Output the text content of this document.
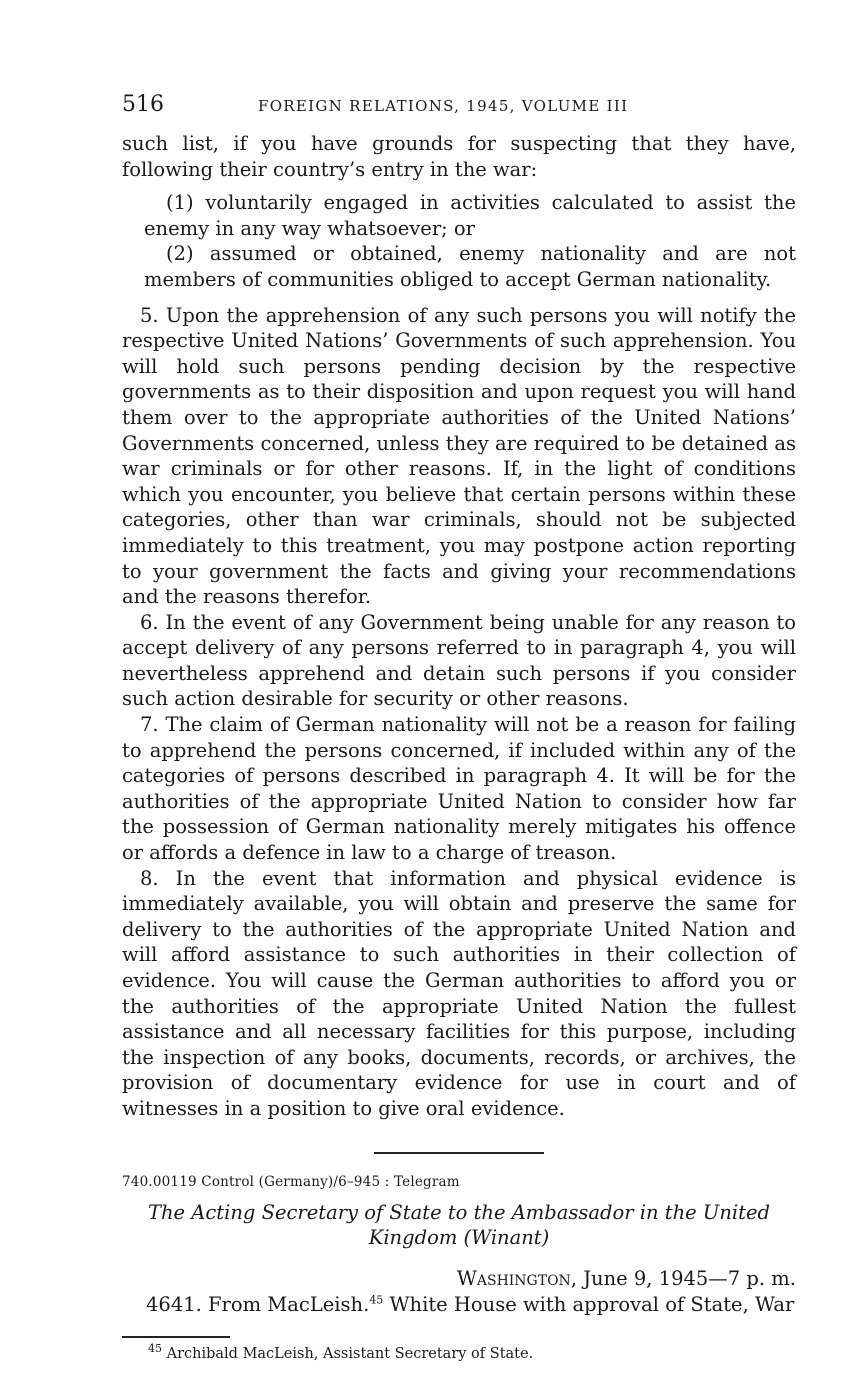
516	FOREIGN RELATIONS, 1945, VOLUME III

such list, if you have grounds for suspecting that they have, following their country’s entry in the war:

(1) voluntarily engaged in activities calculated to assist the enemy in any way whatsoever; or

(2) assumed or obtained, enemy nationality and are not members of communities obliged to accept German nationality.

5. Upon the apprehension of any such persons you will notify the respective United Nations’ Governments of such apprehension. You will hold such persons pending decision by the respective governments as to their disposition and upon request you will hand them over to the appropriate authorities of the United Nations’ Governments concerned, unless they are required to be detained as war criminals or for other reasons. If, in the light of conditions which you encounter, you believe that certain persons within these categories, other than war criminals, should not be subjected immediately to this treatment, you may postpone action reporting to your government the facts and giving your recommendations and the reasons therefor.

6. In the event of any Government being unable for any reason to accept delivery of any persons referred to in paragraph 4, you will nevertheless apprehend and detain such persons if you consider such action desirable for security or other reasons.

7. The claim of German nationality will not be a reason for failing to apprehend the persons concerned, if included within any of the categories of persons described in paragraph 4. It will be for the authorities of the appropriate United Nation to consider how far the possession of German nationality merely mitigates his offence or affords a defence in law to a charge of treason.

8. In the event that information and physical evidence is immediately available, you will obtain and preserve the same for delivery to the authorities of the appropriate United Nation and will afford assistance to such authorities in their collection of evidence. You will cause the German authorities to afford you or the authorities of the appropriate United Nation the fullest assistance and all necessary facilities for this purpose, including the inspection of any books, documents, records, or archives, the provision of documentary evidence for use in court and of witnesses in a position to give oral evidence.

740.00119 Control (Germany)/6–945 : Telegram
The Acting Secretary of State to the Ambassador in the United Kingdom (Winant)
Washington, June 9, 1945—7 p. m.
4641. From MacLeish.$^{45}$ White House with approval of State, War
$^{45}$ Archibald MacLeish, Assistant Secretary of State.
